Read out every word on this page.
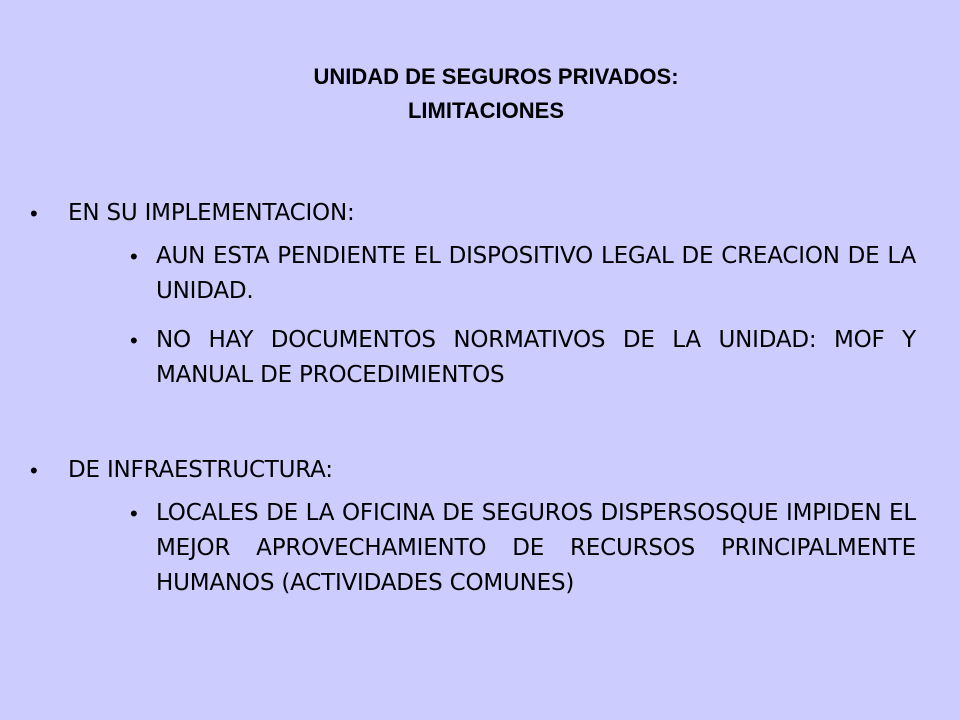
UNIDAD DE SEGUROS PRIVADOS:
LIMITACIONES
• EN SU IMPLEMENTACION:
• AUN ESTA PENDIENTE EL DISPOSITIVO LEGAL DE CREACION DE LA UNIDAD.
• NO HAY DOCUMENTOS NORMATIVOS DE LA UNIDAD: MOF Y MANUAL DE PROCEDIMIENTOS
• DE INFRAESTRUCTURA:
• LOCALES DE LA OFICINA DE SEGUROS DISPERSOSQUE IMPIDEN EL MEJOR APROVECHAMIENTO DE RECURSOS PRINCIPALMENTE HUMANOS (ACTIVIDADES COMUNES)
